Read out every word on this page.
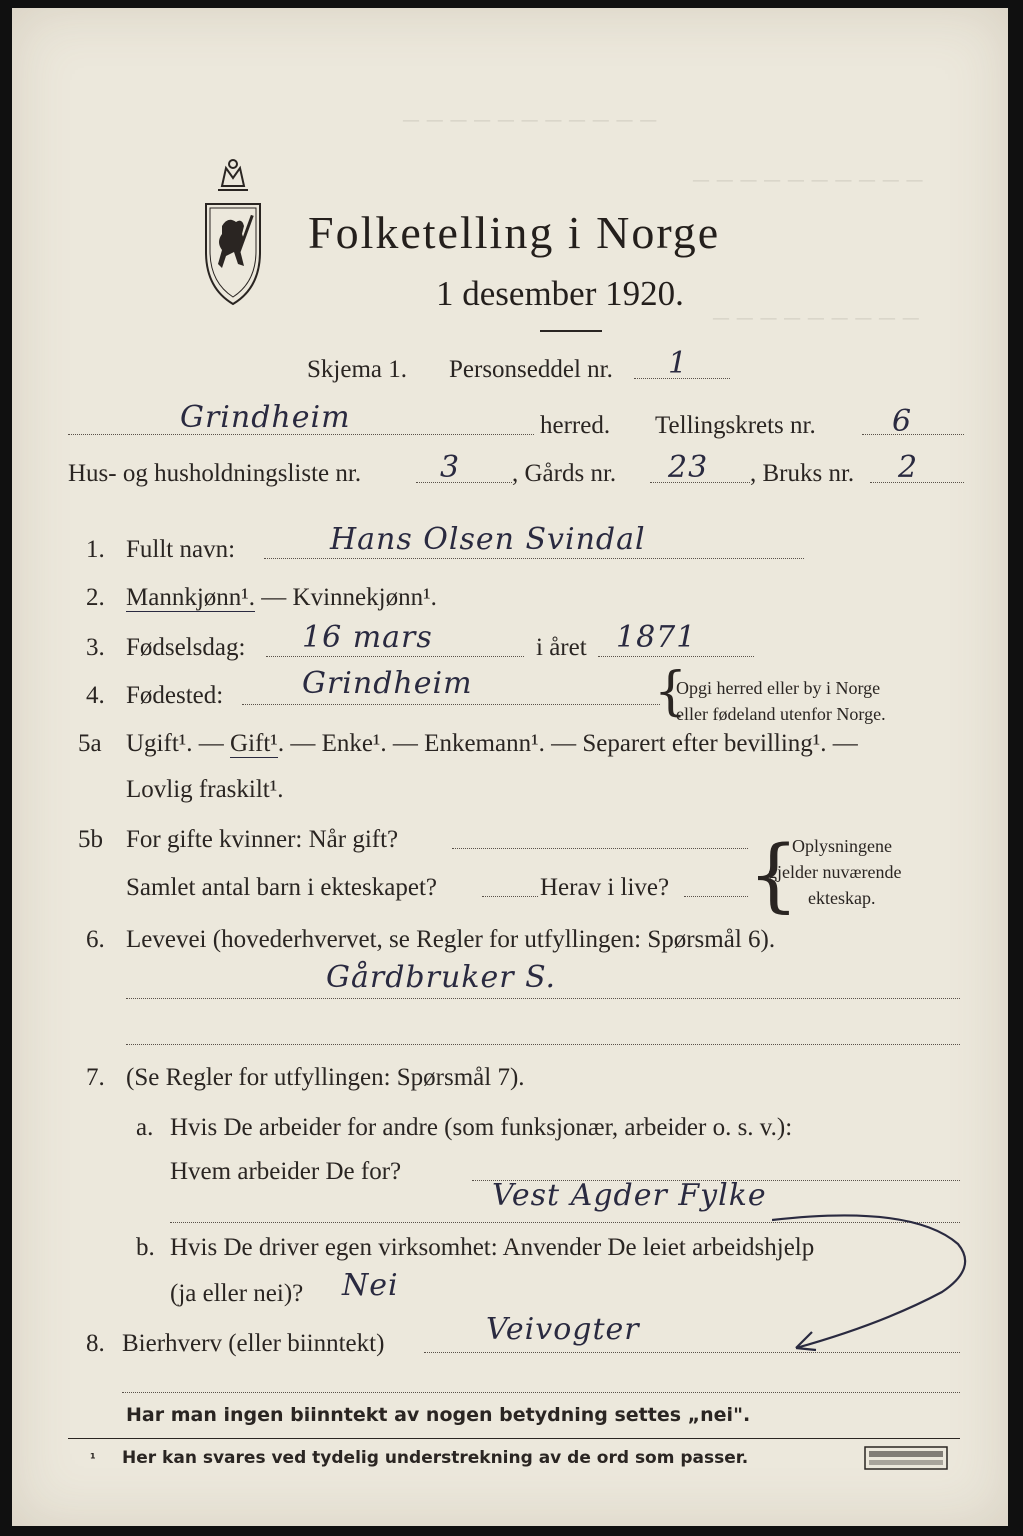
— — — — — — — — — — —
— — — — — — — — — —
— — — — — — — — —
Folketelling i Norge
1 desember 1920.
Skjema 1. Personseddel nr. 1
Grindheim	herred. Tellingskrets nr.	6
Hus- og husholdningsliste nr.	3 , Gårds nr. 23 , Bruks nr. 2
1. Fullt navn:	Hans Olsen Svindal
2. Mannkjønn¹. — Kvinnekjønn¹.
3. Fødselsdag: 16 mars	i året 1871
4. Fødested:	Grindheim	{
Opgi herred eller by i Norge
eller fødeland utenfor Norge.
5a Ugift¹. — Gift¹. — Enke¹. — Enkemann¹. — Separert efter bevilling¹. —
Lovlig fraskilt¹.
5b For gifte kvinner: Når gift?
Samlet antal barn i ekteskapet?	Herav i live? {
Oplysningene
gjelder nuværende
ekteskap.
6. Levevei (hovederhvervet, se Regler for utfyllingen: Spørsmål 6).
Gårdbruker S.
7. (Se Regler for utfyllingen: Spørsmål 7).
a. Hvis De arbeider for andre (som funksjonær, arbeider o. s. v.):
Hvem arbeider De for?
Vest Agder Fylke
b. Hvis De driver egen virksomhet: Anvender De leiet arbeidshjelp
(ja eller nei)? Nei
8. Bierhverv (eller biinntekt)	Veivogter
Har man ingen biinntekt av nogen betydning settes „nei".
¹ Her kan svares ved tydelig understrekning av de ord som passer.
